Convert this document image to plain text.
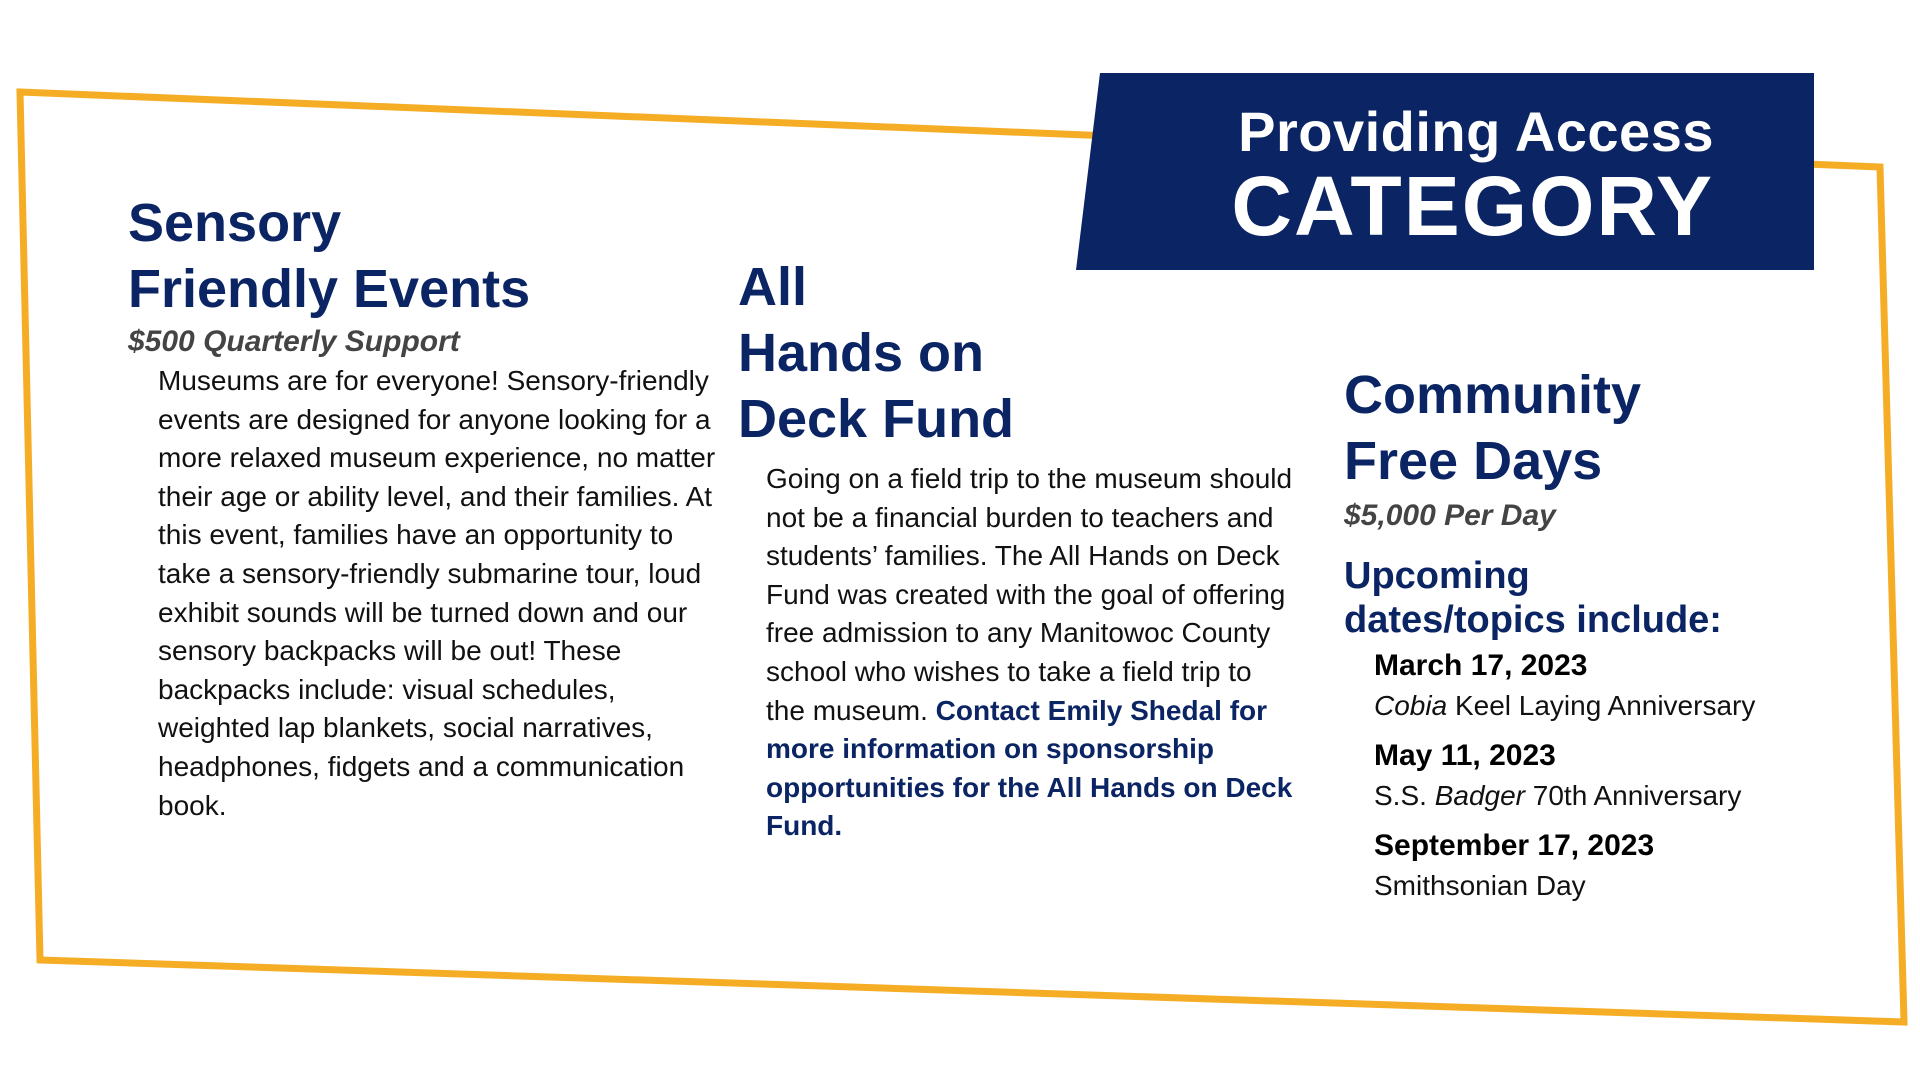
Providing Access
CATEGORY
Sensory
Friendly Events
$500 Quarterly Support
Museums are for everyone! Sensory-friendly events are designed for anyone looking for a more relaxed museum experience, no matter their age or ability level, and their families. At this event, families have an opportunity to take a sensory-friendly submarine tour, loud exhibit sounds will be turned down and our sensory backpacks will be out! These backpacks include: visual schedules, weighted lap blankets, social narratives, headphones, fidgets and a communication book.
All
Hands on
Deck Fund
Going on a field trip to the museum should not be a financial burden to teachers and students’ families. The All Hands on Deck Fund was created with the goal of offering free admission to any Manitowoc County school who wishes to take a field trip to the museum. Contact Emily Shedal for more information on sponsorship opportunities for the All Hands on Deck Fund.
Community
Free Days
$5,000 Per Day
Upcoming
dates/topics include:
March 17, 2023
Cobia Keel Laying Anniversary
May 11, 2023
S.S. Badger 70th Anniversary
September 17, 2023
Smithsonian Day
